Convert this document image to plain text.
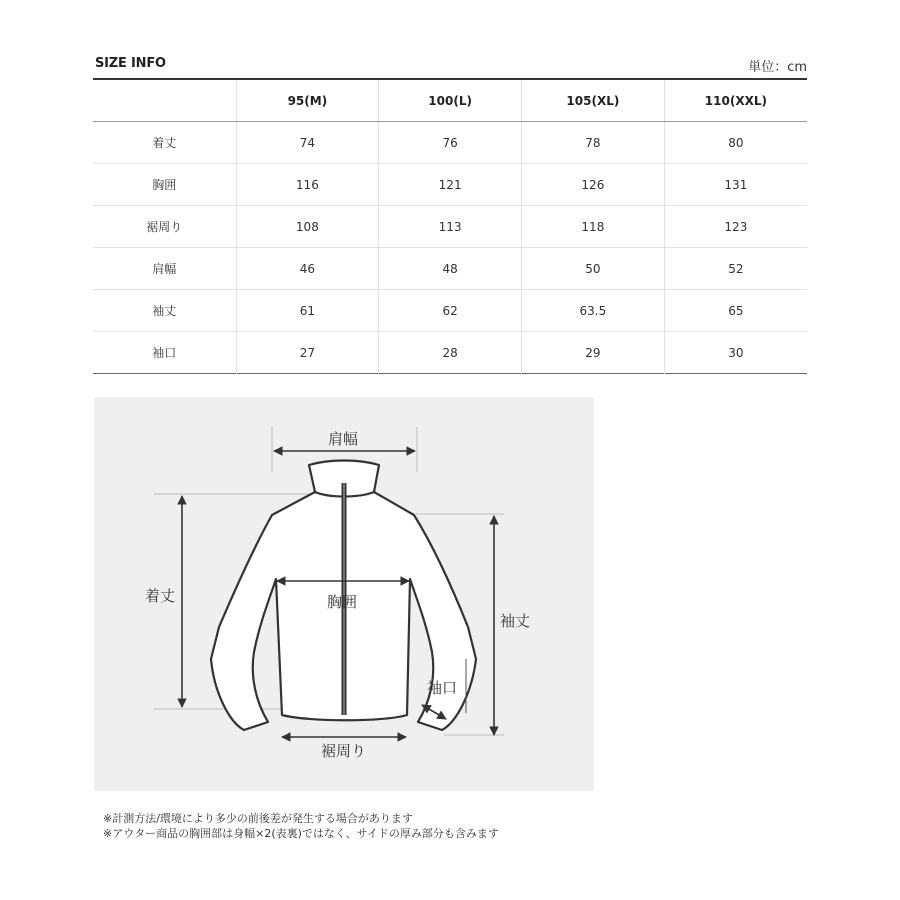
SIZE INFO	単位：cm
	95(M)	100(L)	105(XL)	110(XXL)
着丈	74	76	78	80
胸囲	116	121	126	131
裾周り	108	113	118	123
肩幅	46	48	50	52
袖丈	61	62	63.5	65
袖口	27	28	29	30
肩幅
着丈	胸囲
袖丈
袖口
裾周り
※計測方法/環境により多少の前後差が発生する場合があります
※アウター商品の胸囲部は身幅×2(表裏)ではなく、サイドの厚み部分も含みます
